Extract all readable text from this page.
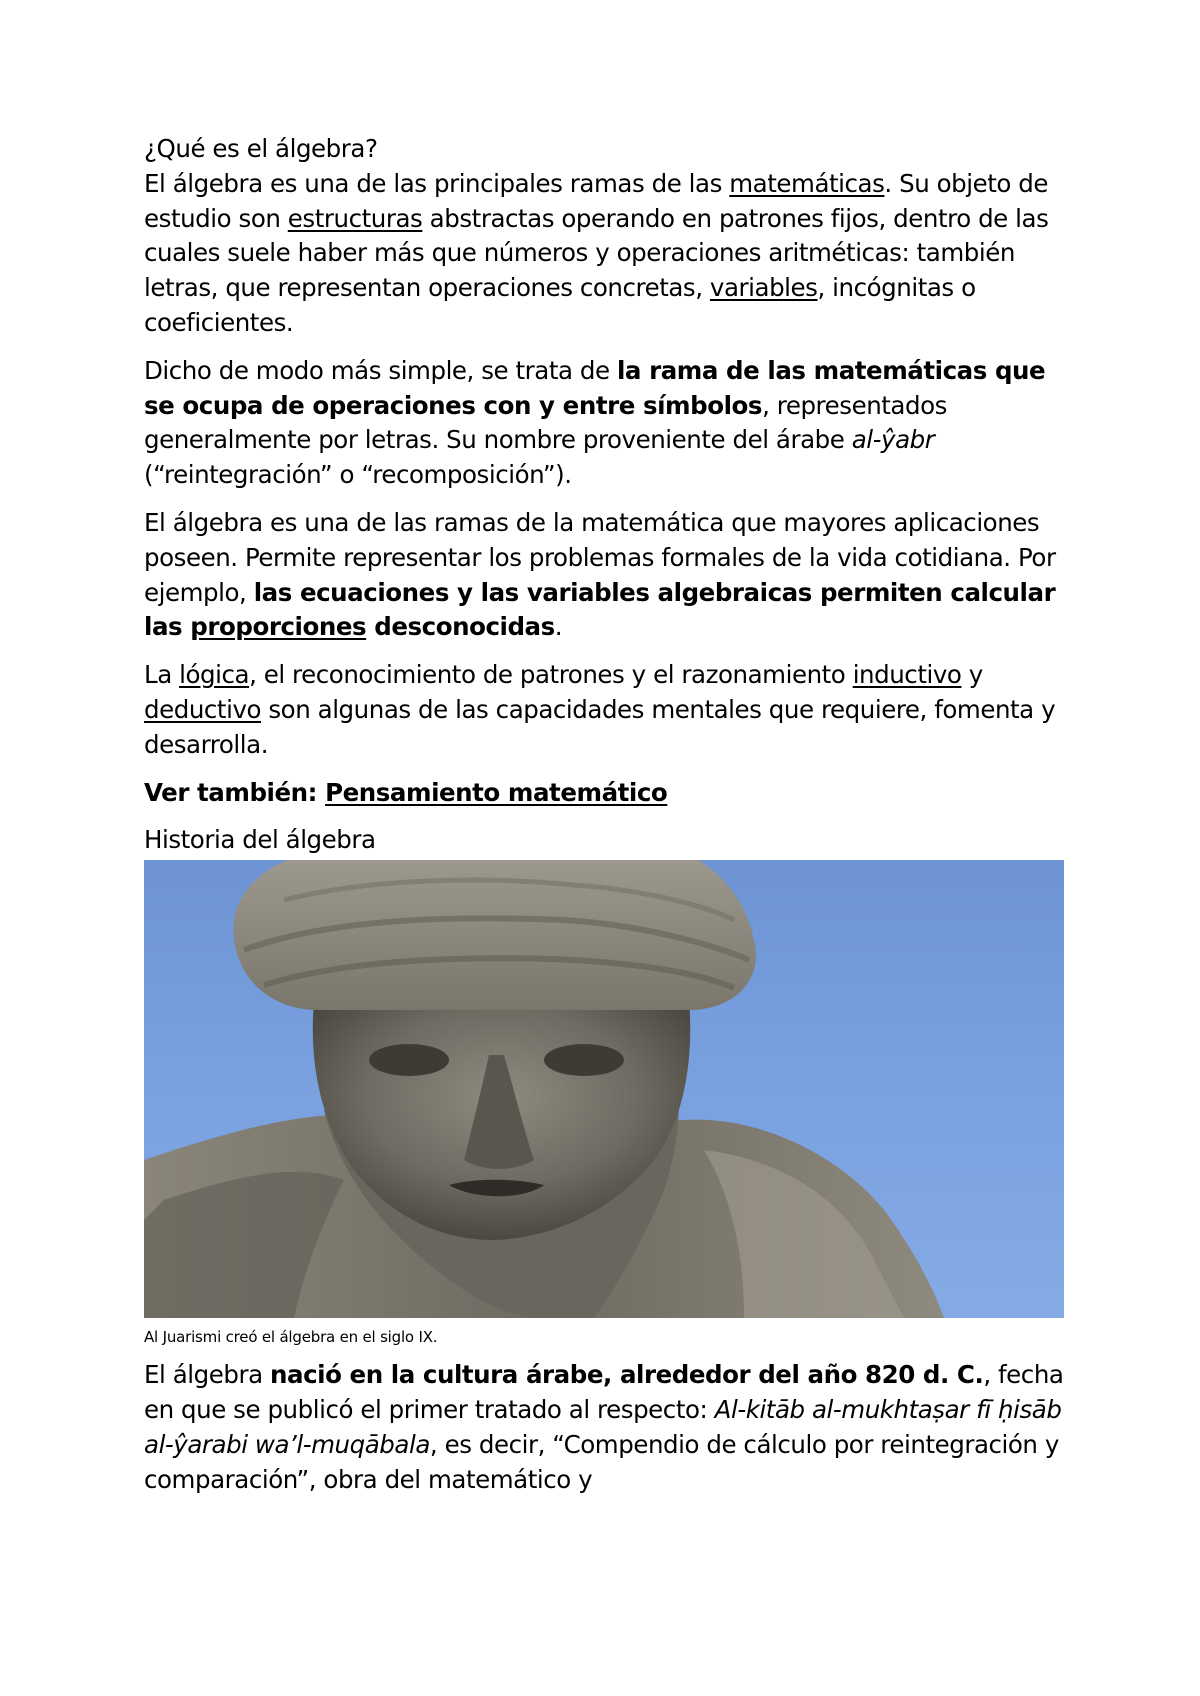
¿Qué es el álgebra?

El álgebra es una de las principales ramas de las matemáticas. Su objeto de estudio son estructuras abstractas operando en patrones fijos, dentro de las cuales suele haber más que números y operaciones aritméticas: también letras, que representan operaciones concretas, variables, incógnitas o coeficientes.

Dicho de modo más simple, se trata de la rama de las matemáticas que se ocupa de operaciones con y entre símbolos, representados generalmente por letras. Su nombre proveniente del árabe al-ŷabr (“reintegración” o “recomposición”).

El álgebra es una de las ramas de la matemática que mayores aplicaciones poseen. Permite representar los problemas formales de la vida cotidiana. Por ejemplo, las ecuaciones y las variables algebraicas permiten calcular las proporciones desconocidas.

La lógica, el reconocimiento de patrones y el razonamiento inductivo y deductivo son algunas de las capacidades mentales que requiere, fomenta y desarrolla.

Ver también: Pensamiento matemático

Historia del álgebra

Al Juarismi creó el álgebra en el siglo IX.

El álgebra nació en la cultura árabe, alrededor del año 820 d. C., fecha en que se publicó el primer tratado al respecto: Al-kitāb al-mukhtaṣar fī ḥisāb al-ŷarabi wa’l-muqābala, es decir, “Compendio de cálculo por reintegración y comparación”, obra del matemático y
